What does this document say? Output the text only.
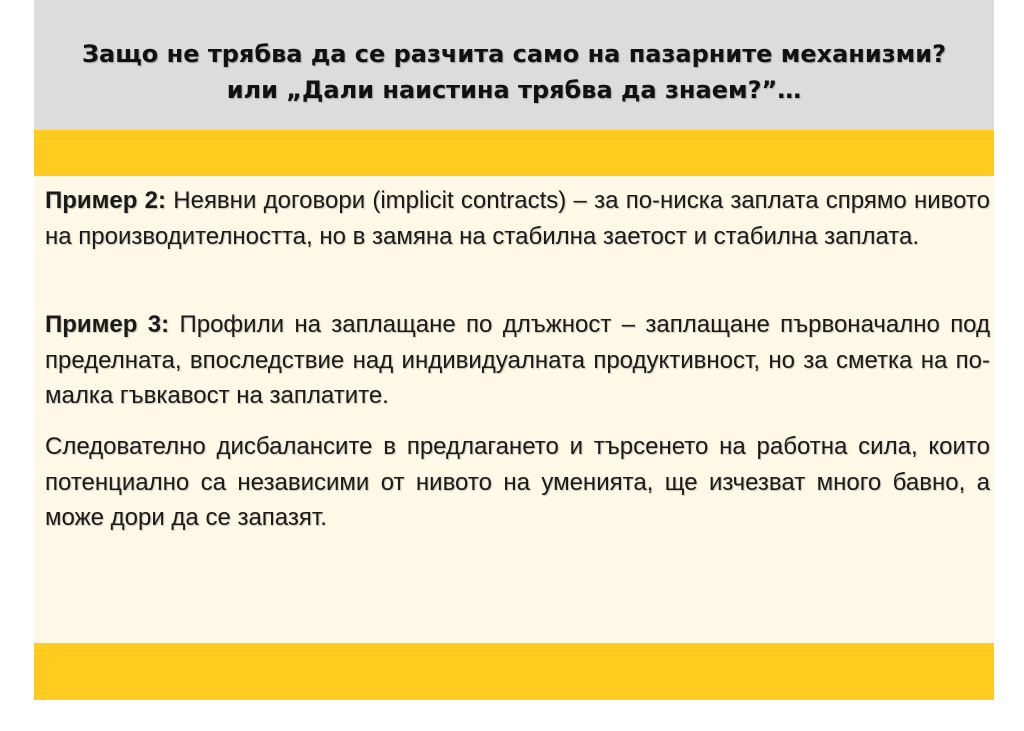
Защо не трябва да се разчита само на пазарните механизми? или „Дали наистина трябва да знаем?”…

Пример 2: Неявни договори (implicit contracts) – за по-ниска заплата спрямо нивото на производителността, но в замяна на стабилна заетост и стабилна заплата.

Пример 3: Профили на заплащане по длъжност – заплащане първоначално под пределната, впоследствие над индивидуалната продуктивност, но за сметка на по-малка гъвкавост на заплатите.

Следователно дисбалансите в предлагането и търсенето на работна сила, които потенциално са независими от нивото на уменията, ще изчезват много бавно, а може дори да се запазят.
